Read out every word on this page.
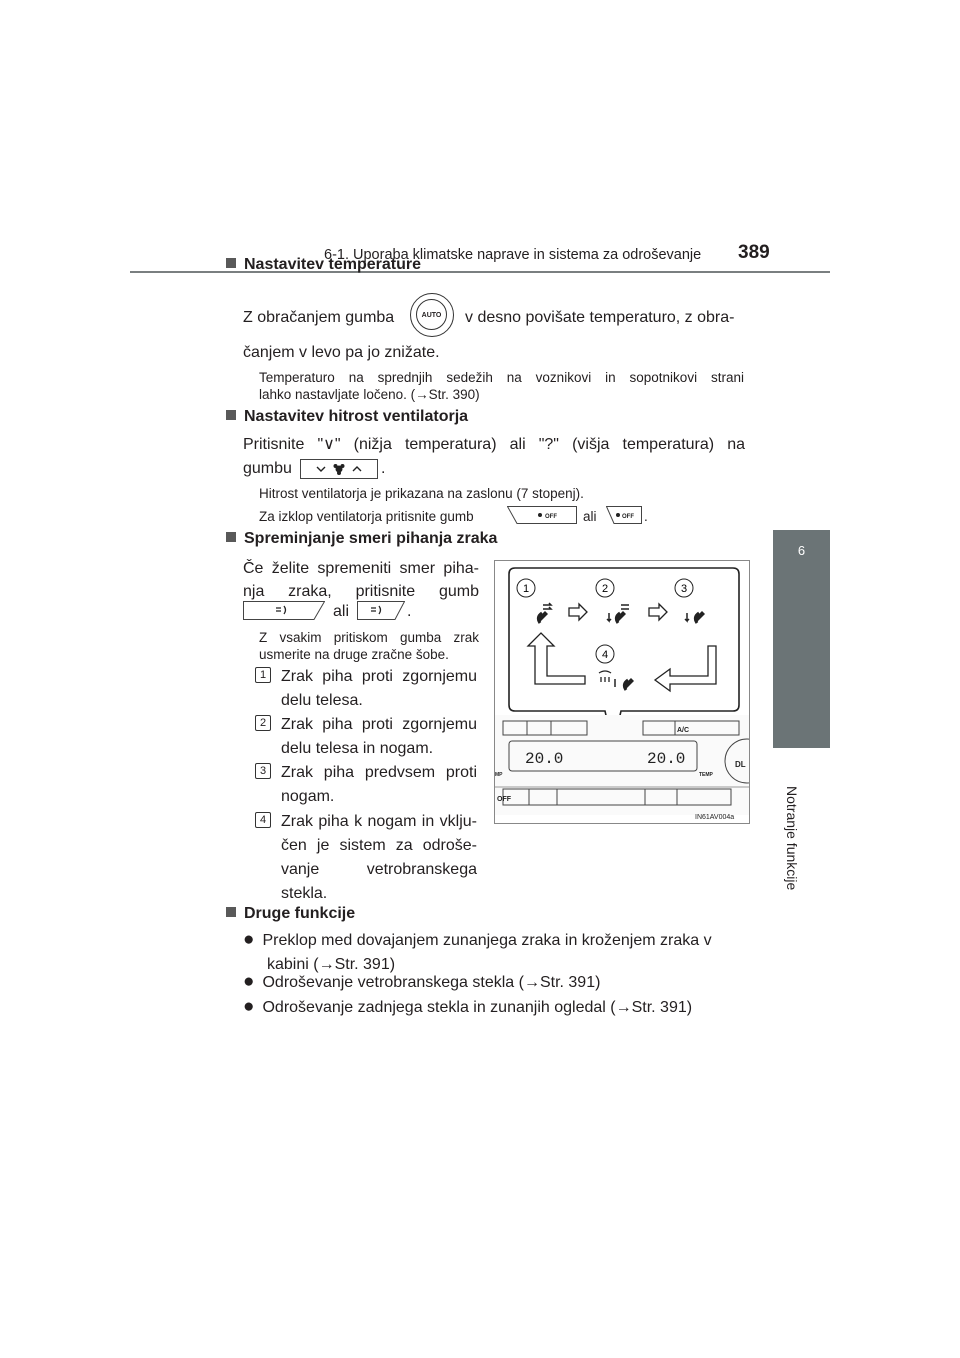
6-1. Uporaba klimatske naprave in sistema za odroševanje 389
6
Notranje funkcije
Nastavitev temperature
Z obračanjem gumba	AUTO	v desno povišate temperaturo, z obra-
čanjem v levo pa jo znižate.
Temperaturo na sprednjih sedežih na voznikovi in sopotnikovi strani
lahko nastavljate ločeno. (→Str. 390)
Nastavitev hitrost ventilatorja
Pritisnite "∨" (nižja temperatura) ali "?" (višja temperatura) na
gumbu	.
Hitrost ventilatorja je prikazana na zaslonu (7 stopenj).
Za izklop ventilatorja pritisnite gumb	OFF ali	OFF .
Spreminjanje smeri pihanja zraka
Če želite spremeniti smer piha-
nja zraka, pritisnite gumb
ali	.
Z vsakim pritiskom gumba zrak
usmerite na druge zračne šobe.
1 Zrak piha proti zgornjemu
delu telesa.
2 Zrak piha proti zgornjemu
delu telesa in nogam.
3 Zrak piha predvsem proti
nogam.
4 Zrak piha k nogam in vklju-
čen je sistem za odroše-
vanje vetrobranskega
stekla.
1	2	3
4
20.0	20.0
A/C
TEMP
MP
DL
OFF
IN61AV004a
Druge funkcije
● Preklop med dovajanjem zunanjega zraka in kroženjem zraka v
kabini (→Str. 391)
● Odroševanje vetrobranskega stekla (→Str. 391)
● Odroševanje zadnjega stekla in zunanjih ogledal (→Str. 391)
